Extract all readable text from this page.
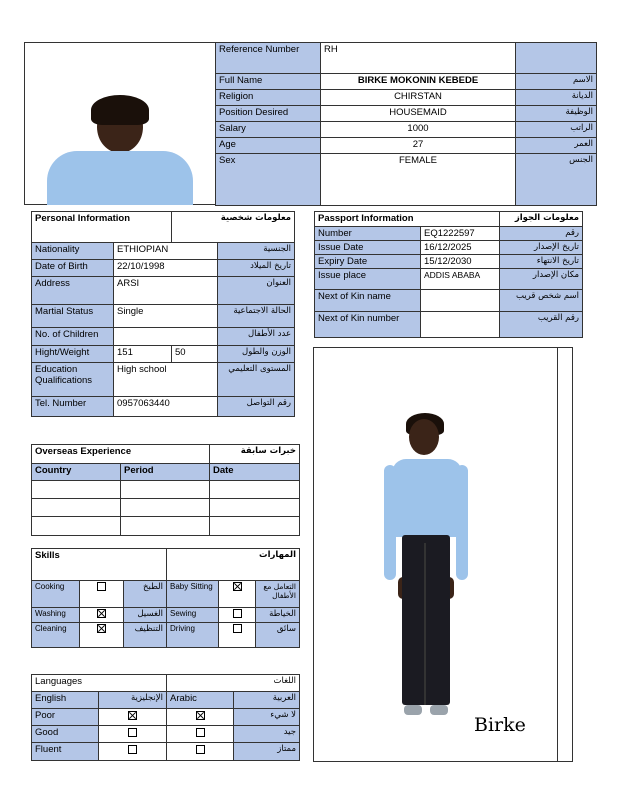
Reference Number	RH	
Full Name	BIRKE MOKONIN KEBEDE	الاسم
Religion	CHIRSTAN	الديانة
Position Desired	HOUSEMAID	الوظيفة
Salary	1000	الراتب
Age	27	العمر
Sex	FEMALE	الجنس
Personal Information		معلومات شخصية	
Nationality	ETHIOPIAN		الجنسية
Date of Birth	22/10/1998		تاريخ الميلاد
Address	ARSI		العنوان
Martial Status	Single		الحالة الاجتماعية
No. of Children			عدد الأطفال
Hight/Weight	151	50	الوزن والطول
Education Qualifications	High school		المستوى التعليمي
Tel. Number	0957063440		رقم التواصل
Passport Information		معلومات الجواز
Number	EQ1222597	رقم
Issue Date	16/12/2025	تاريخ الإصدار
Expiry Date	15/12/2030	تاريخ الانتهاء
Issue place	ADDIS ABABA	مكان الإصدار
Next of Kin name		اسم شخص قريب
Next of Kin number		رقم القريب
Birke
Overseas Experience		خبرات سابقة
Country	Period	Date

Skills			المهارات		
Cooking		الطبخ	Baby Sitting		التعامل مع الأطفال
Washing		الغسيل	Sewing		الخياطة
Cleaning		التنظيف	Driving		سائق
Languages		اللغات	
English	الإنجليزية	Arabic	العربية
Poor			لا شيء
Good			جيد
Fluent			ممتاز
